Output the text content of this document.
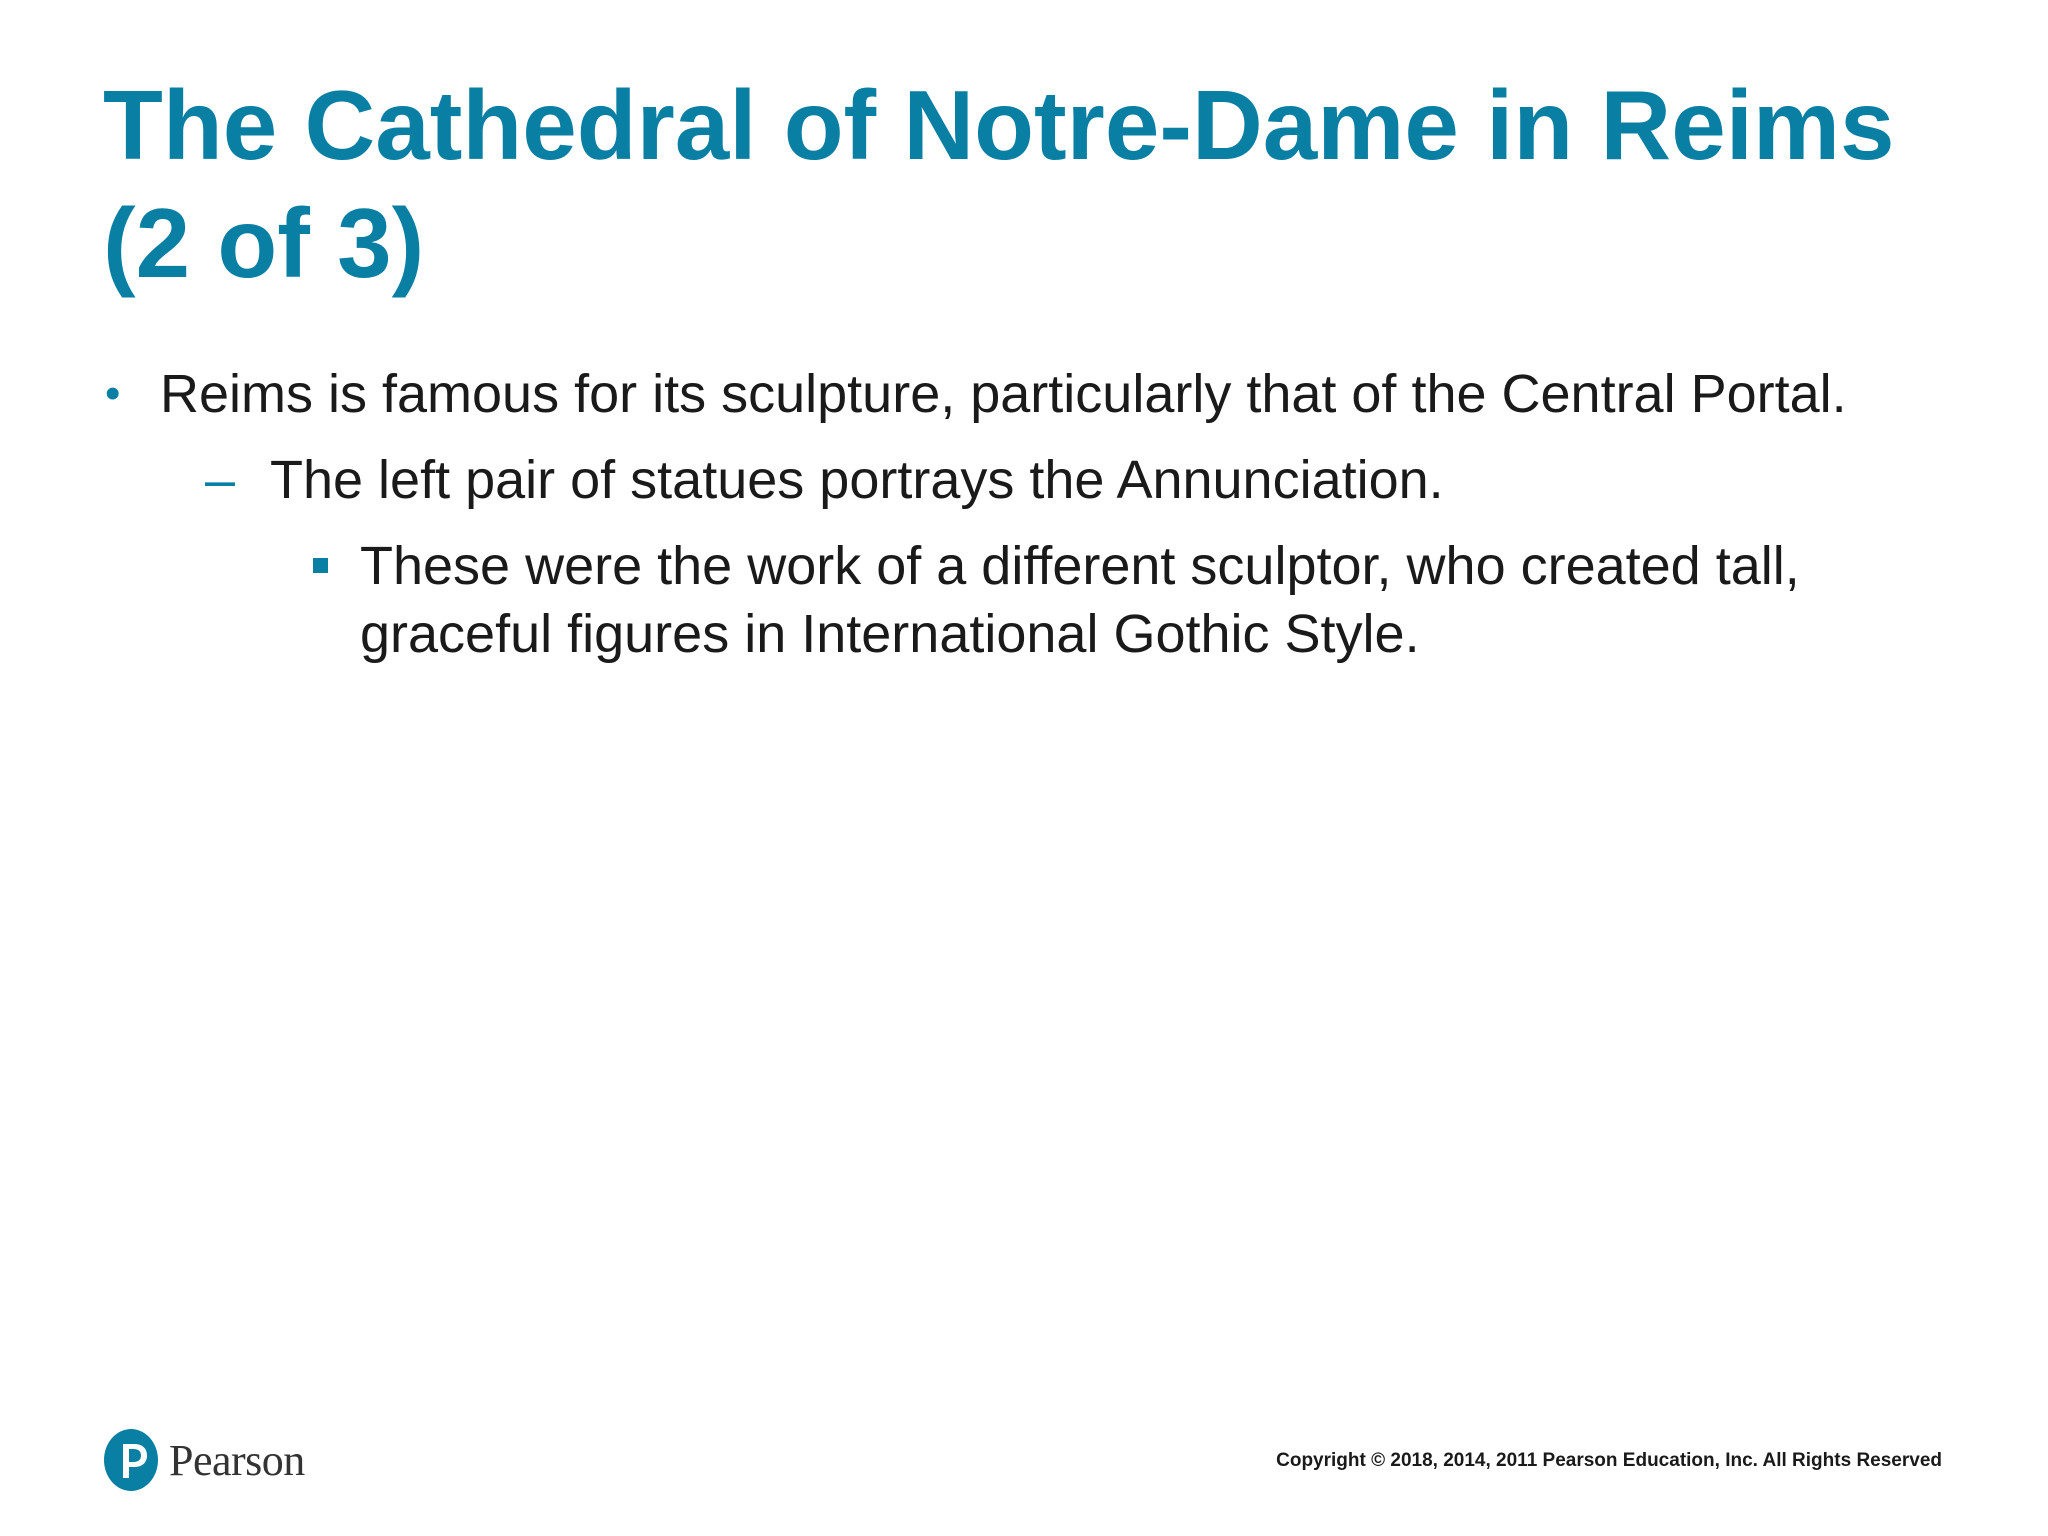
The Cathedral of Notre-Dame in Reims
(2 of 3)
• Reims is famous for its sculpture, particularly that of the Central Portal.
– The left pair of statues portrays the Annunciation.
These were the work of a different sculptor, who created tall,
graceful figures in International Gothic Style.
Pearson	Copyright © 2018, 2014, 2011 Pearson Education, Inc. All Rights Reserved
